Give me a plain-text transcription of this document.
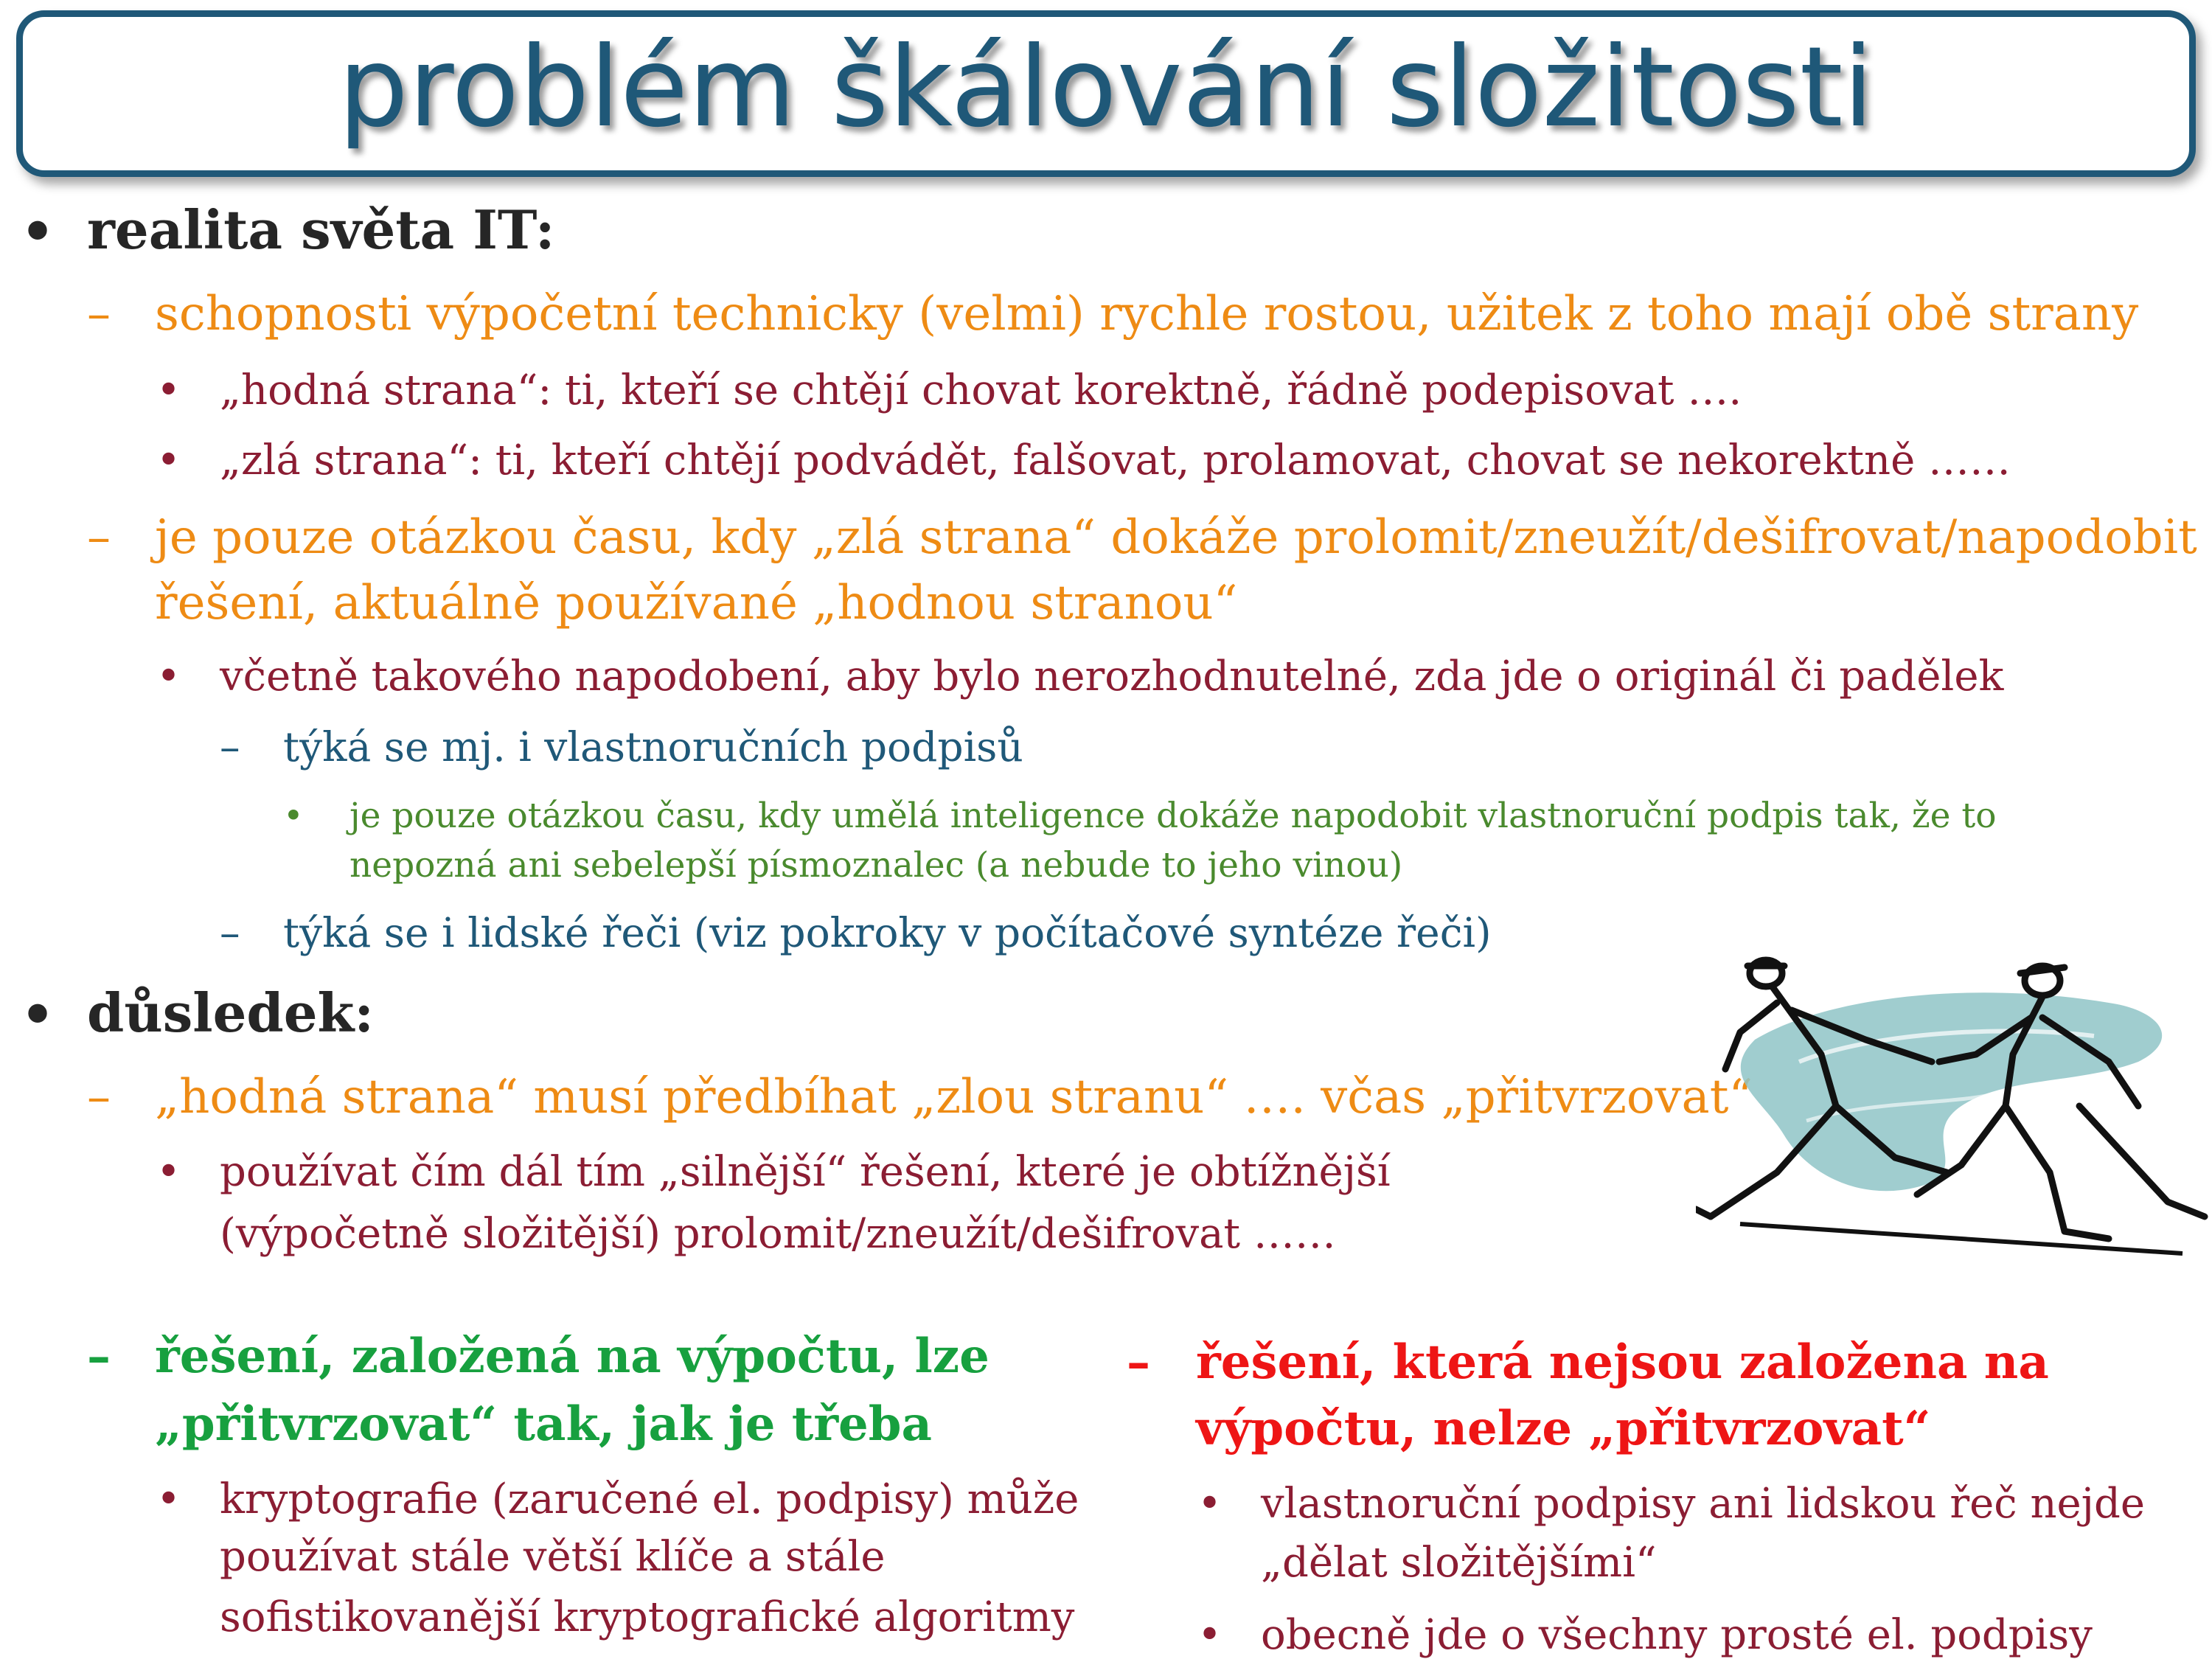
problém škálování složitosti
• realita světa IT:
– schopnosti výpočetní technicky (velmi) rychle rostou, užitek z toho mají obě strany
• „hodná strana“: ti, kteří se chtějí chovat korektně, řádně podepisovat ….
• „zlá strana“: ti, kteří chtějí podvádět, falšovat, prolamovat, chovat se nekorektně ……
– je pouze otázkou času, kdy „zlá strana“ dokáže prolomit/zneužít/dešifrovat/napodobit
řešení, aktuálně používané „hodnou stranou“
• včetně takového napodobení, aby bylo nerozhodnutelné, zda jde o originál či padělek
– týká se mj. i vlastnoručních podpisů
• je pouze otázkou času, kdy umělá inteligence dokáže napodobit vlastnoruční podpis tak, že to
nepozná ani sebelepší písmoznalec (a nebude to jeho vinou)
– týká se i lidské řeči (viz pokroky v počítačové syntéze řeči)
• důsledek:
– „hodná strana“ musí předbíhat „zlou stranu“ …. včas „přitvrzovat“
• používat čím dál tím „silnější“ řešení, které je obtížnější
(výpočetně složitější) prolomit/zneužít/dešifrovat ……
– řešení, založená na výpočtu, lze
„přitvrzovat“ tak, jak je třeba
• kryptografie (zaručené el. podpisy) může
používat stále větší klíče a stále
sofistikovanější kryptografické algoritmy
– řešení, která nejsou založena na
výpočtu, nelze „přitvrzovat“
• vlastnoruční podpisy ani lidskou řeč nejde
„dělat složitějšími“
• obecně jde o všechny prosté el. podpisy
